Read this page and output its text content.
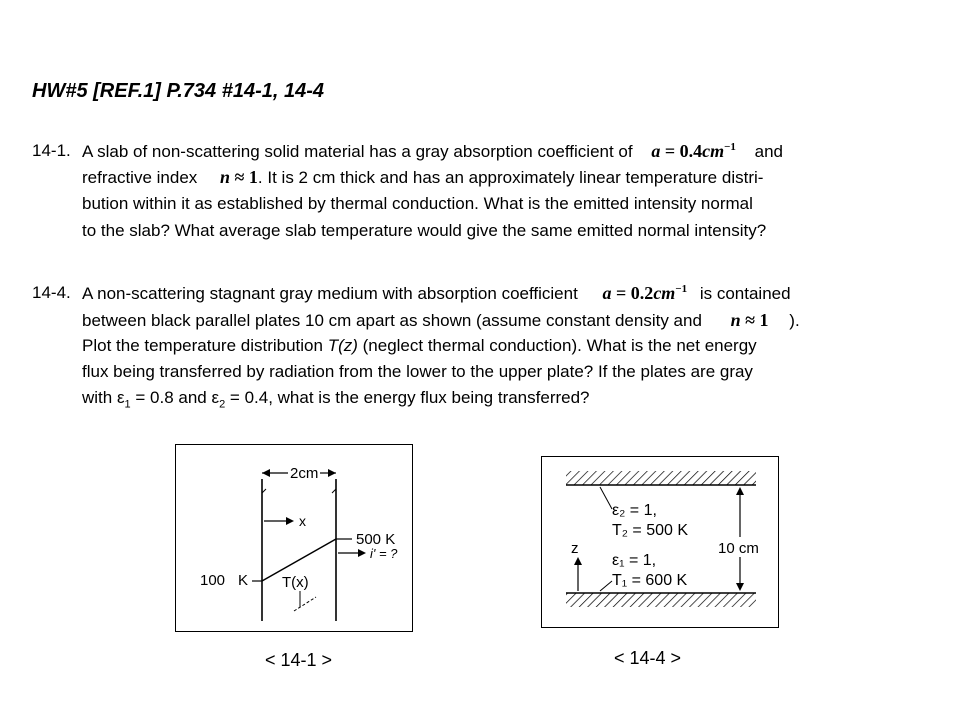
HW#5 [REF.1] P.734 #14-1, 14-4
14-1. A slab of non-scattering solid material has a gray absorption coefficient of $a = 0.4cm^{-1}$ and
refractive index n ≈ 1. It is 2 cm thick and has an approximately linear temperature distri-
bution within it as established by thermal conduction. What is the emitted intensity normal
to the slab? What average slab temperature would give the same emitted normal intensity?
14-4. A non-scattering stagnant gray medium with absorption coefficient $a = 0.2cm^{-1}$ is contained
between black parallel plates 10 cm apart as shown (assume constant density and n ≈ 1 ).
Plot the temperature distribution T(z) (neglect thermal conduction). What is the net energy
flux being transferred by radiation from the lower to the upper plate? If the plates are gray
with $\varepsilon_1 = 0.8$ and $\varepsilon_2 = 0.4$, what is the energy flux being transferred?
2cm
x
500 K
i' = ?
100 K T(x)
ε₂ = 1,
T₂ = 500 K
ε₁ = 1,
T₁ = 600 K
z	10 cm
< 14-1 >	< 14-4 >
